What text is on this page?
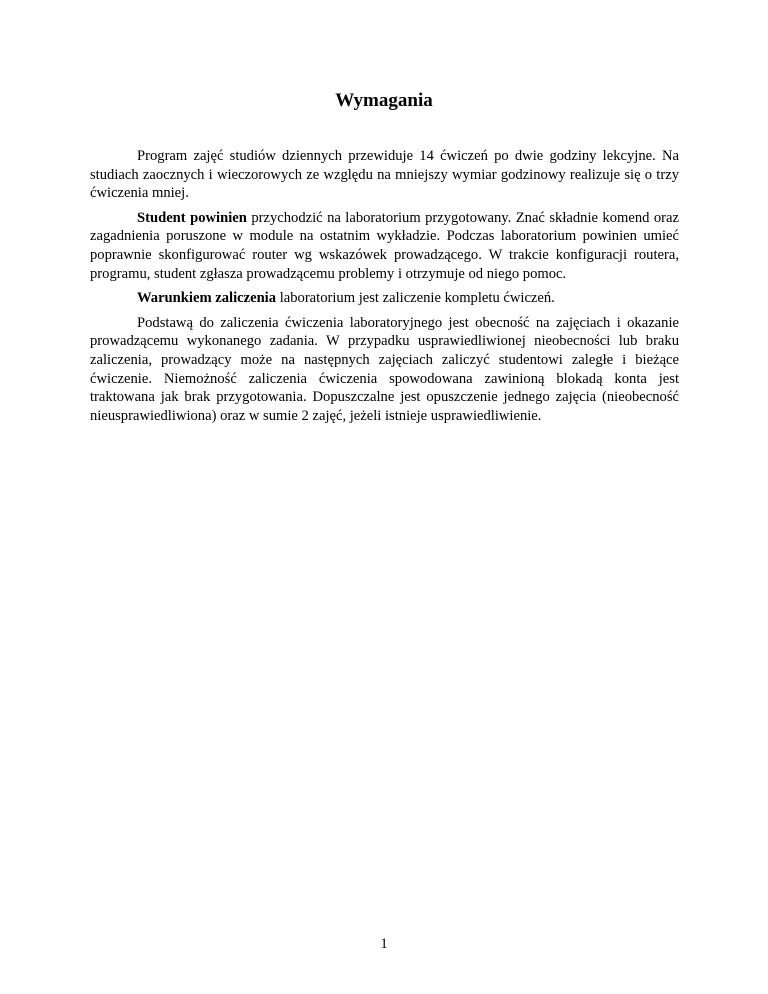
Wymagania

Program zajęć studiów dziennych przewiduje 14 ćwiczeń po dwie godziny lekcyjne. Na studiach zaocznych i wieczorowych ze względu na mniejszy wymiar godzinowy realizuje się o trzy ćwiczenia mniej.

Student powinien przychodzić na laboratorium przygotowany. Znać składnie komend oraz zagadnienia poruszone w module na ostatnim wykładzie. Podczas laboratorium powinien umieć poprawnie skonfigurować router wg wskazówek prowadzącego. W trakcie konfiguracji routera, programu, student zgłasza prowadzącemu problemy i otrzymuje od niego pomoc.

Warunkiem zaliczenia laboratorium jest zaliczenie kompletu ćwiczeń.

Podstawą do zaliczenia ćwiczenia laboratoryjnego jest obecność na zajęciach i okazanie prowadzącemu wykonanego zadania. W przypadku usprawiedliwionej nieobecności lub braku zaliczenia, prowadzący może na następnych zajęciach zaliczyć studentowi zaległe i bieżące ćwiczenie. Niemożność zaliczenia ćwiczenia spowodowana zawinioną blokadą konta jest traktowana jak brak przygotowania. Dopuszczalne jest opuszczenie jednego zajęcia (nieobecność nieusprawiedliwiona) oraz w sumie 2 zajęć, jeżeli istnieje usprawiedliwienie.

1
